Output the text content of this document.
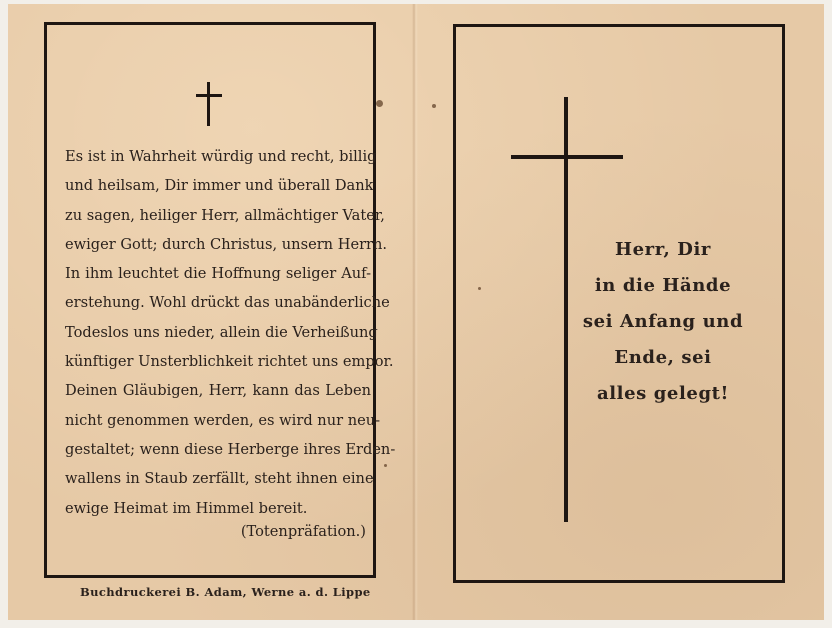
Es ist in Wahrheit würdig und recht, billig
und heilsam, Dir immer und überall Dank
zu sagen, heiliger Herr, allmächtiger Vater,
ewiger Gott; durch Christus, unsern Herrn.
In ihm leuchtet die Hoffnung seliger Auf-
erstehung. Wohl drückt das unabänderliche
Todeslos uns nieder, allein die Verheißung
künftiger Unsterblichkeit richtet uns empor.
Deinen Gläubigen, Herr, kann das Leben
nicht genommen werden, es wird nur neu-
gestaltet; wenn diese Herberge ihres Erden-
wallens in Staub zerfällt, steht ihnen eine
ewige Heimat im Himmel bereit.
(Totenpräfation.)
Buchdruckerei B. Adam, Werne a. d. Lippe
Herr, Dir
in die Hände
sei Anfang und
Ende, sei
alles gelegt!
